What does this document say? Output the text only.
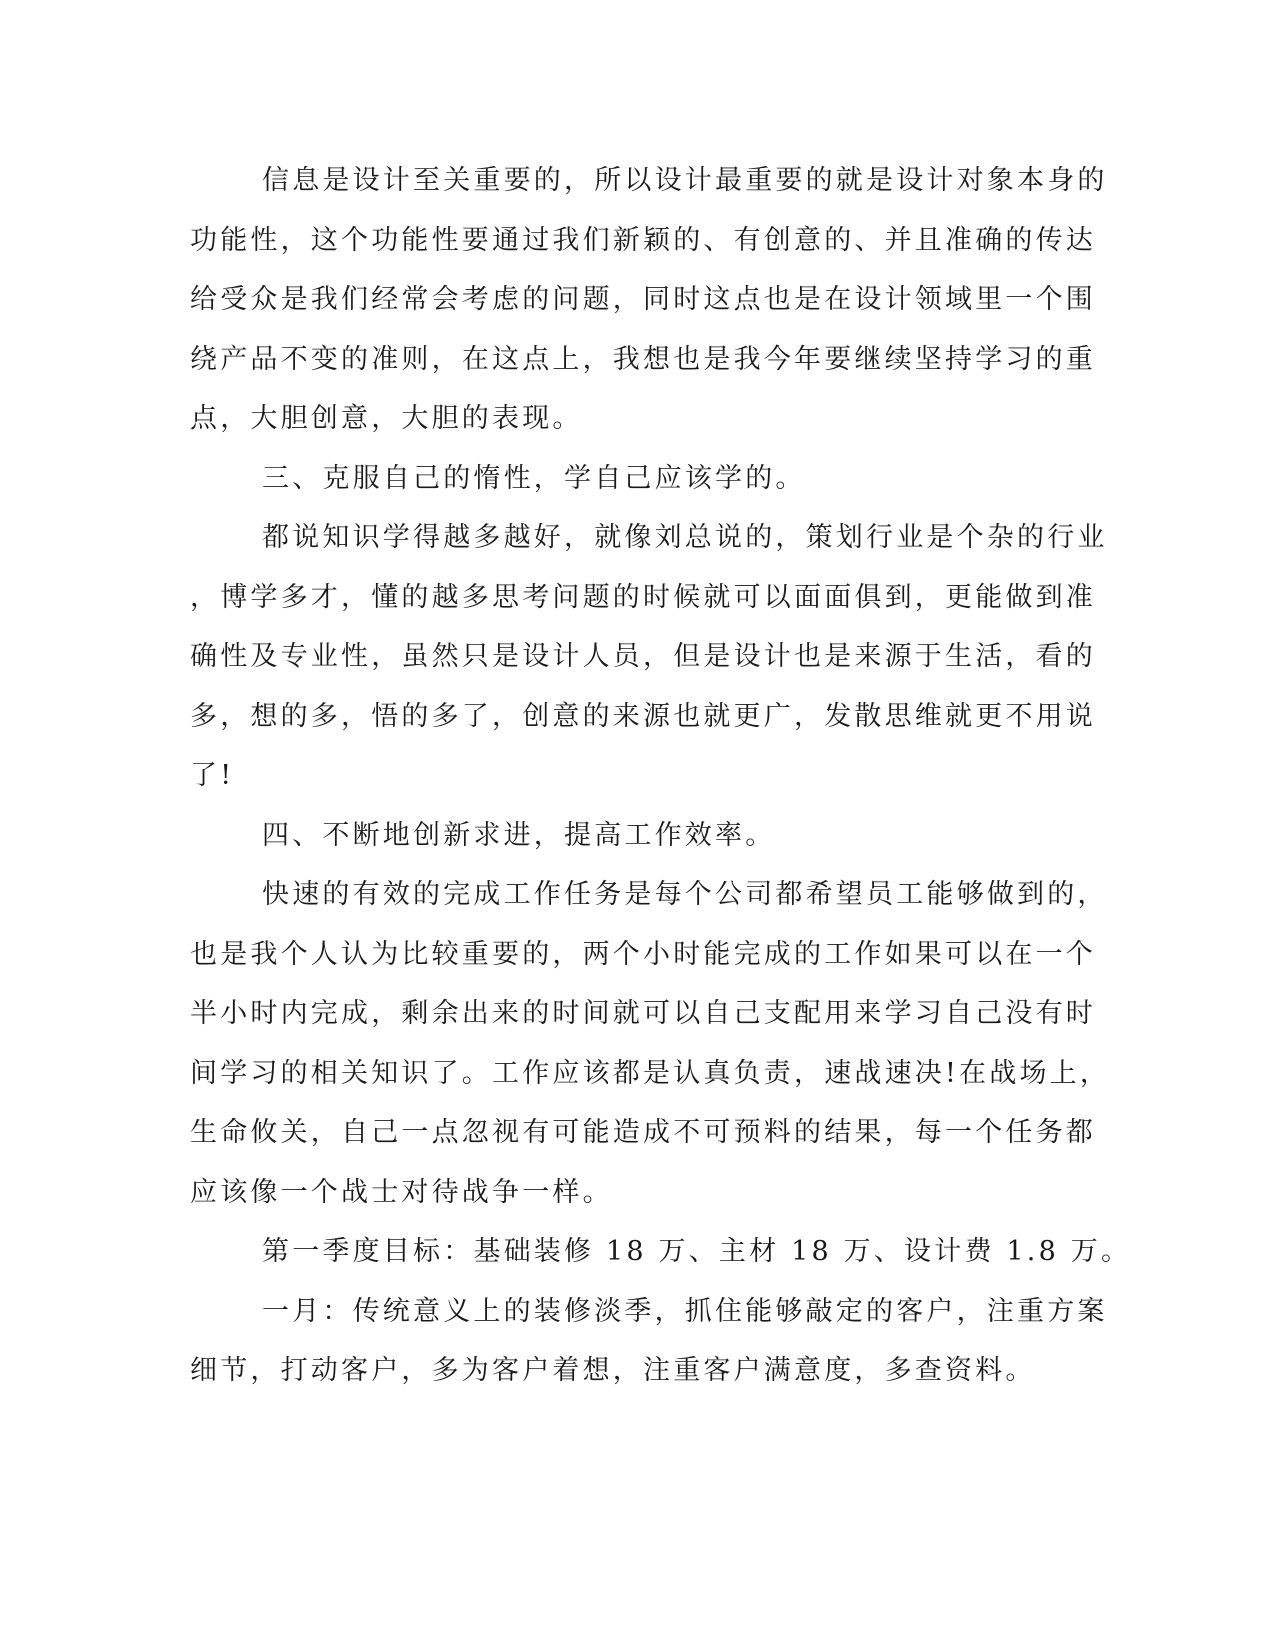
信息是设计至关重要的，所以设计最重要的就是设计对象本身的
功能性，这个功能性要通过我们新颖的、有创意的、并且准确的传达
给受众是我们经常会考虑的问题，同时这点也是在设计领域里一个围
绕产品不变的准则，在这点上，我想也是我今年要继续坚持学习的重
点，大胆创意，大胆的表现。
三、克服自己的惰性，学自己应该学的。
都说知识学得越多越好，就像刘总说的，策划行业是个杂的行业
，博学多才，懂的越多思考问题的时候就可以面面俱到，更能做到准
确性及专业性，虽然只是设计人员，但是设计也是来源于生活，看的
多，想的多，悟的多了，创意的来源也就更广，发散思维就更不用说
了!
四、不断地创新求进，提高工作效率。
快速的有效的完成工作任务是每个公司都希望员工能够做到的，
也是我个人认为比较重要的，两个小时能完成的工作如果可以在一个
半小时内完成，剩余出来的时间就可以自己支配用来学习自己没有时
间学习的相关知识了。工作应该都是认真负责，速战速决!在战场上，
生命攸关，自己一点忽视有可能造成不可预料的结果，每一个任务都
应该像一个战士对待战争一样。
第一季度目标：基础装修 18 万、主材 18 万、设计费 1.8 万。
一月：传统意义上的装修淡季，抓住能够敲定的客户，注重方案
细节，打动客户，多为客户着想，注重客户满意度，多查资料。
